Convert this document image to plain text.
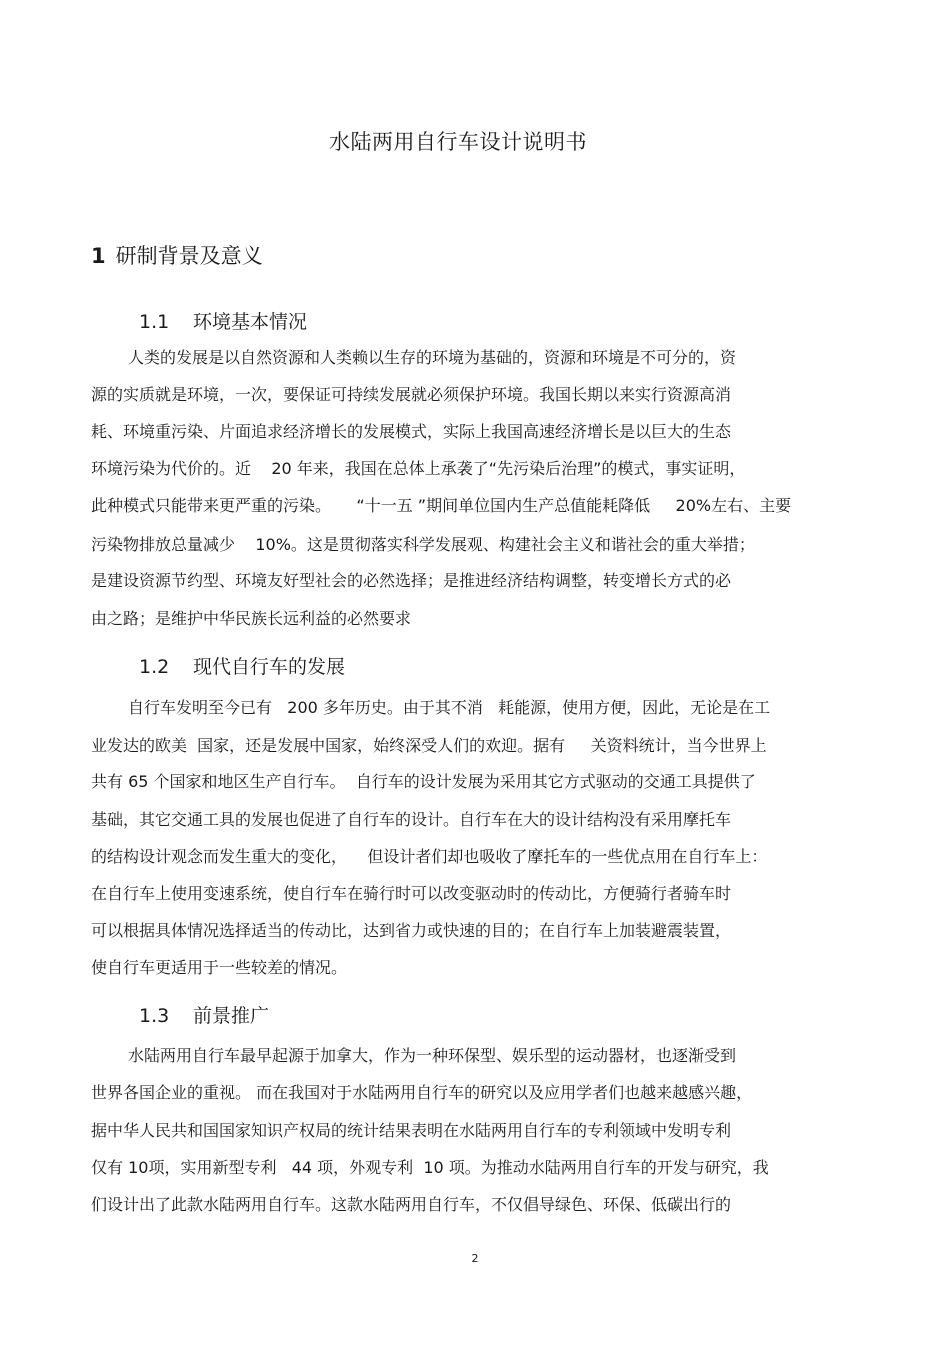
水陆两用自行车设计说明书
1 研制背景及意义
1.1 环境基本情况
人类的发展是以自然资源和人类赖以生存的环境为基础的，资源和环境是不可分的，资
源的实质就是环境，一次，要保证可持续发展就必须保护环境。我国长期以来实行资源高消
耗、环境重污染、片面追求经济增长的发展模式，实际上我国高速经济增长是以巨大的生态
环境污染为代价的。近    20 年来，我国在总体上承袭了“先污染后治理”的模式，事实证明，
此种模式只能带来更严重的污染。     “十一五 ”期间单位国内生产总值能耗降低     20%左右、主要
污染物排放总量减少    10%。这是贯彻落实科学发展观、构建社会主义和谐社会的重大举措；
是建设资源节约型、环境友好型社会的必然选择；是推进经济结构调整，转变增长方式的必
由之路；是维护中华民族长远利益的必然要求
1.2 现代自行车的发展
自行车发明至今已有   200 多年历史。由于其不消   耗能源，使用方便，因此，无论是在工
业发达的欧美  国家，还是发展中国家，始终深受人们的欢迎。据有     关资料统计，当今世界上
共有 65 个国家和地区生产自行车。  自行车的设计发展为采用其它方式驱动的交通工具提供了
基础，其它交通工具的发展也促进了自行车的设计。自行车在大的设计结构没有采用摩托车
的结构设计观念而发生重大的变化，    但设计者们却也吸收了摩托车的一些优点用在自行车上：
在自行车上使用变速系统，使自行车在骑行时可以改变驱动时的传动比，方便骑行者骑车时
可以根据具体情况选择适当的传动比，达到省力或快速的目的；在自行车上加装避震装置，
使自行车更适用于一些较差的情况。
1.3 前景推广
水陆两用自行车最早起源于加拿大，作为一种环保型、娱乐型的运动器材，也逐渐受到
世界各国企业的重视。 而在我国对于水陆两用自行车的研究以及应用学者们也越来越感兴趣，
据中华人民共和国国家知识产权局的统计结果表明在水陆两用自行车的专利领域中发明专利
仅有 10项，实用新型专利   44 项，外观专利  10 项。为推动水陆两用自行车的开发与研究，我
们设计出了此款水陆两用自行车。这款水陆两用自行车，不仅倡导绿色、环保、低碳出行的
2
